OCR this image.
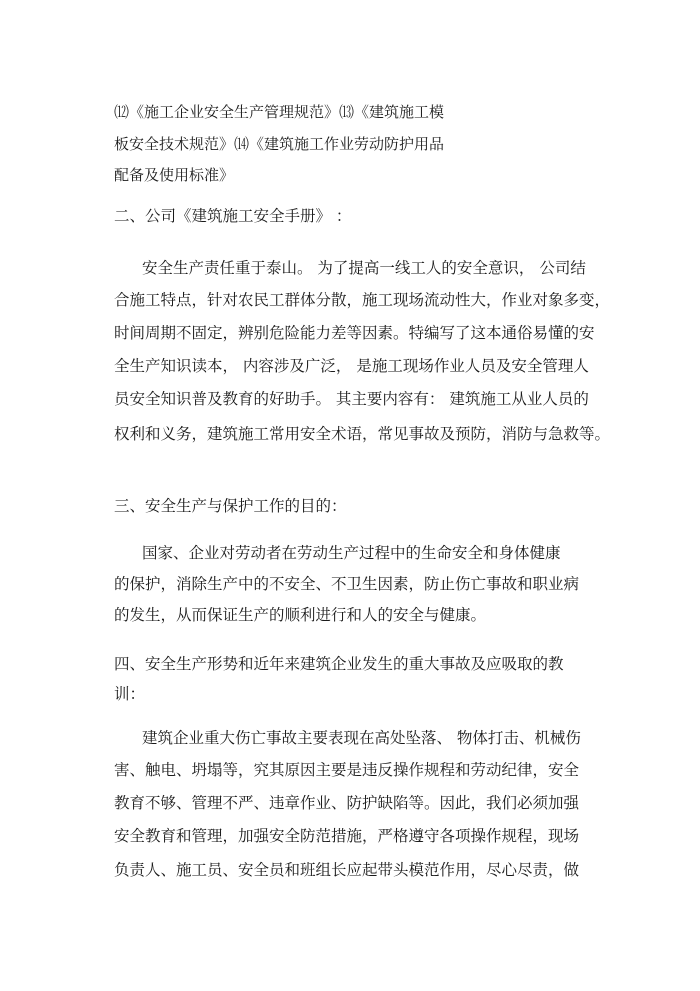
⑿《施工企业安全生产管理规范》⒀《建筑施工模
板安全技术规范》⒁《建筑施工作业劳动防护用品
配备及使用标准》
二、公司《建筑施工安全手册》 ：
安全生产责任重于泰山。 为了提高一线工人的安全意识， 公司结
合施工特点，针对农民工群体分散，施工现场流动性大，作业对象多变，
时间周期不固定，辨别危险能力差等因素。特编写了这本通俗易懂的安
全生产知识读本， 内容涉及广泛， 是施工现场作业人员及安全管理人
员安全知识普及教育的好助手。 其主要内容有： 建筑施工从业人员的
权利和义务，建筑施工常用安全术语，常见事故及预防，消防与急救等。
三、安全生产与保护工作的目的：
国家、企业对劳动者在劳动生产过程中的生命安全和身体健康
的保护，消除生产中的不安全、不卫生因素，防止伤亡事故和职业病
的发生，从而保证生产的顺利进行和人的安全与健康。
四、安全生产形势和近年来建筑企业发生的重大事故及应吸取的教
训：
建筑企业重大伤亡事故主要表现在高处坠落、 物体打击、机械伤
害、触电、坍塌等，究其原因主要是违反操作规程和劳动纪律，安全
教育不够、管理不严、违章作业、防护缺陷等。因此，我们必须加强
安全教育和管理，加强安全防范措施，严格遵守各项操作规程，现场
负责人、施工员、安全员和班组长应起带头模范作用，尽心尽责，做
